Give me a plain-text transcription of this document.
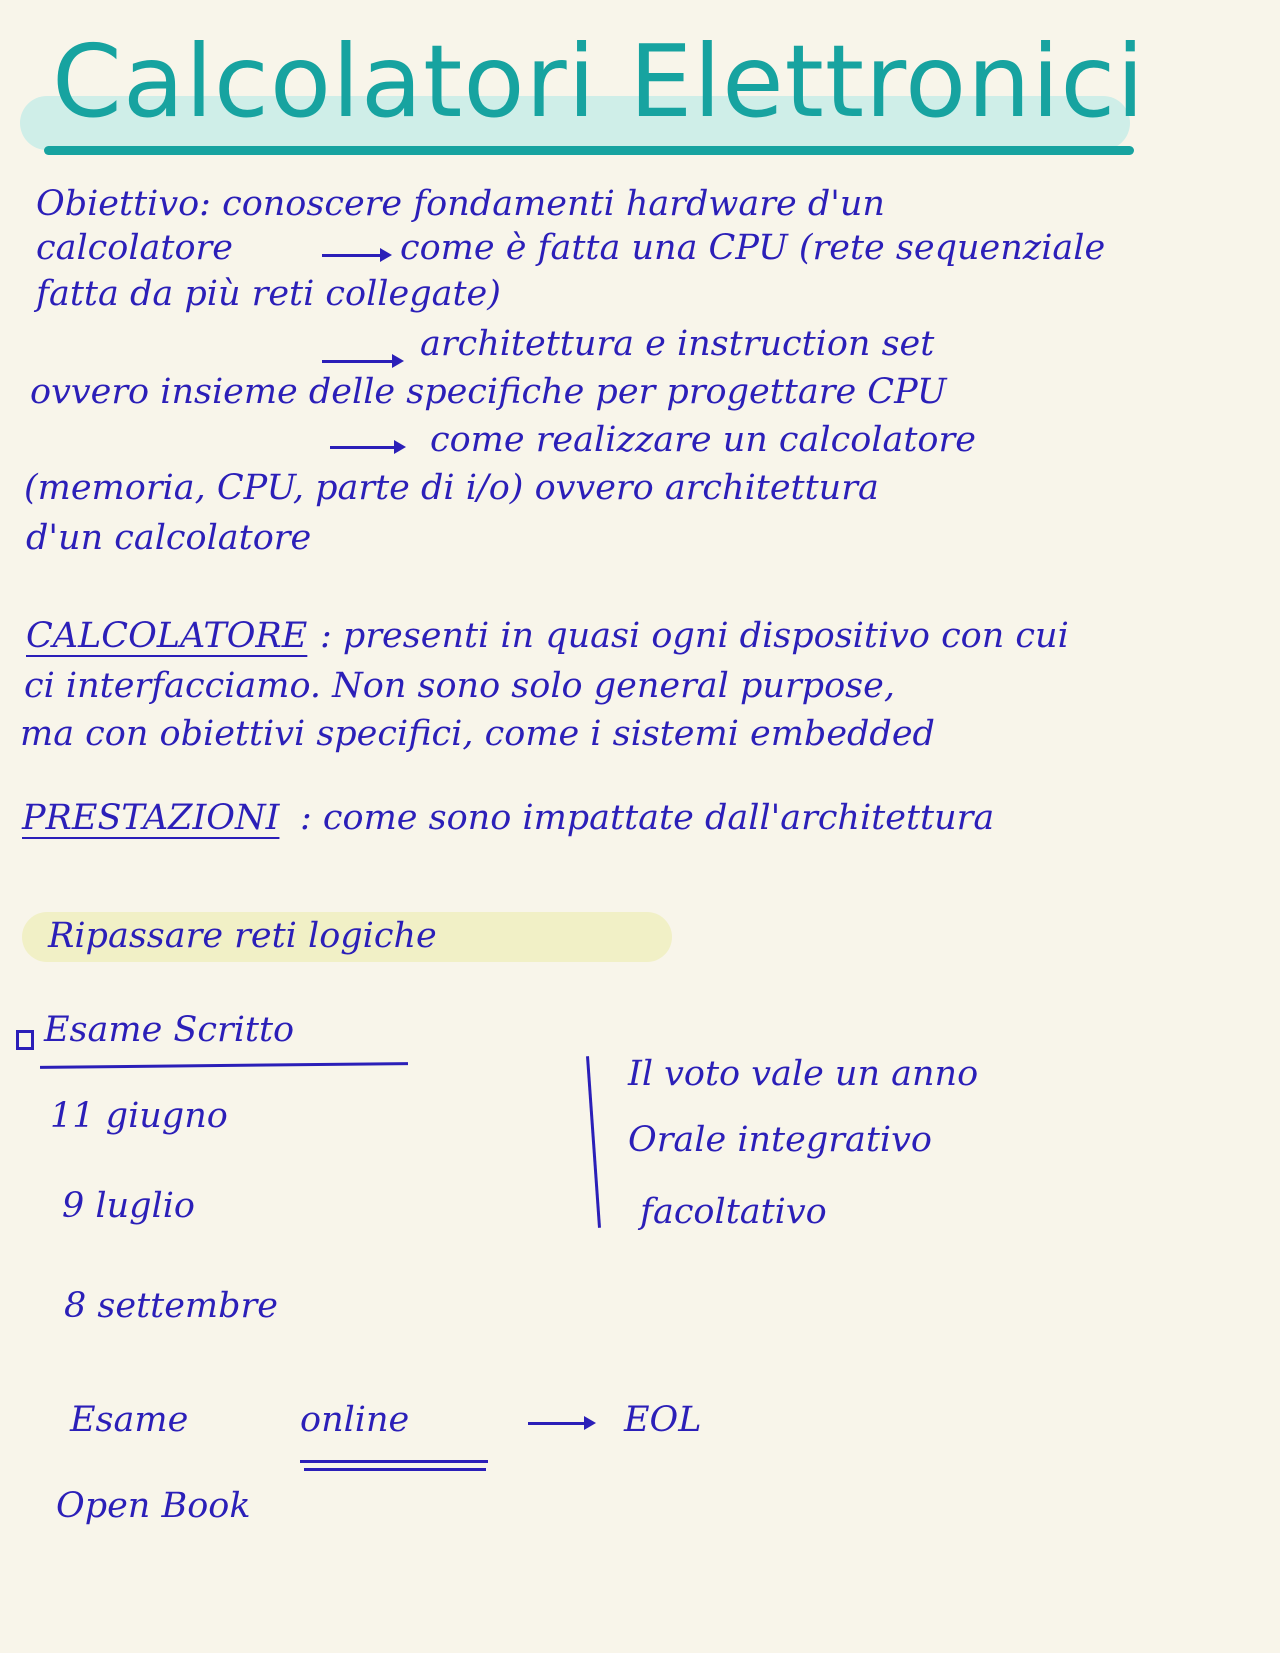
Calcolatori Elettronici
Obiettivo: conoscere fondamenti hardware d'un
calcolatore	come è fatta una CPU (rete sequenziale
fatta da più reti collegate)
architettura e instruction set
ovvero insieme delle specifiche per progettare CPU
come realizzare un calcolatore
(memoria, CPU, parte di i/o) ovvero architettura
d'un calcolatore
CALCOLATORE : presenti in quasi ogni dispositivo con cui
ci interfacciamo. Non sono solo general purpose,
ma con obiettivi specifici, come i sistemi embedded
PRESTAZIONI : come sono impattate dall'architettura
Ripassare reti logiche
Esame Scritto
11 giugno
9 luglio
8 settembre
Il voto vale un anno
Orale integrativo
facoltativo
Esame	online	EOL
Open Book
